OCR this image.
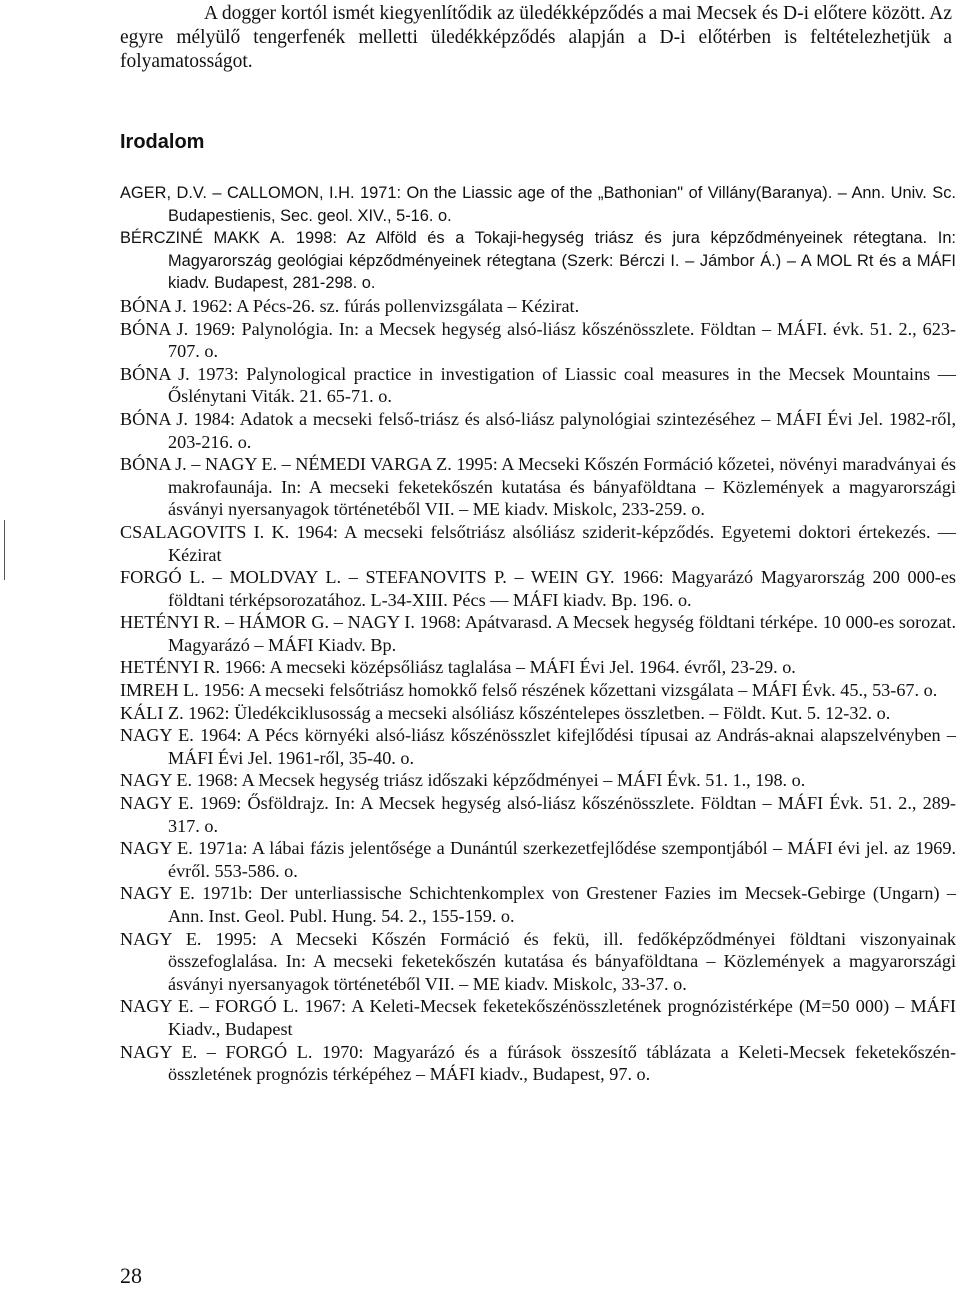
A dogger kortól ismét kiegyenlítődik az üledékképződés a mai Mecsek és D-i előtere között. Az egyre mélyülő tengerfenék melletti üledékképződés alapján a D-i előtérben is feltételezhetjük a folyamatosságot.
Irodalom
AGER, D.V. – CALLOMON, I.H. 1971: On the Liassic age of the „Bathonian" of Villány(Baranya). – Ann. Univ. Sc. Budapestienis, Sec. geol. XIV., 5-16. o.
BÉRCZINÉ MAKK A. 1998: Az Alföld és a Tokaji-hegység triász és jura képződményeinek rétegtana. In: Magyarország geológiai képződményeinek rétegtana (Szerk: Bérczi I. – Jámbor Á.) – A MOL Rt és a MÁFI kiadv. Budapest, 281-298. o.
BÓNA J. 1962: A Pécs-26. sz. fúrás pollenvizsgálata – Kézirat.
BÓNA J. 1969: Palynológia. In: a Mecsek hegység alsó-liász kőszénösszlete. Földtan – MÁFI. évk. 51. 2., 623-707. o.
BÓNA J. 1973: Palynological practice in investigation of Liassic coal measures in the Mecsek Mountains — Őslénytani Viták. 21. 65-71. o.
BÓNA J. 1984: Adatok a mecseki felső-triász és alsó-liász palynológiai szintezéséhez – MÁFI Évi Jel. 1982-ről, 203-216. o.
BÓNA J. – NAGY E. – NÉMEDI VARGA Z. 1995: A Mecseki Kőszén Formáció kőzetei, növényi maradványai és makrofaunája. In: A mecseki feketekőszén kutatása és bányaföldtana – Közlemények a magyarországi ásványi nyersanyagok történetéből VII. – ME kiadv. Miskolc, 233-259. o.
CSALAGOVITS I. K. 1964: A mecseki felsőtriász alsóliász sziderit-képződés. Egyetemi doktori értekezés. — Kézirat
FORGÓ L. – MOLDVAY L. – STEFANOVITS P. – WEIN GY. 1966: Magyarázó Magyarország 200 000-es földtani térképsorozatához. L-34-XIII. Pécs — MÁFI kiadv. Bp. 196. o.
HETÉNYI R. – HÁMOR G. – NAGY I. 1968: Apátvarasd. A Mecsek hegység földtani térképe. 10 000-es sorozat. Magyarázó – MÁFI Kiadv. Bp.
HETÉNYI R. 1966: A mecseki középsőliász taglalása – MÁFI Évi Jel. 1964. évről, 23-29. o.
IMREH L. 1956: A mecseki felsőtriász homokkő felső részének kőzettani vizsgálata – MÁFI Évk. 45., 53-67. o.
KÁLI Z. 1962: Üledékciklusosság a mecseki alsóliász kőszéntelepes összletben. – Földt. Kut. 5. 12-32. o.
NAGY E. 1964: A Pécs környéki alsó-liász kőszénösszlet kifejlődési típusai az András-aknai alapszelvényben – MÁFI Évi Jel. 1961-ről, 35-40. o.
NAGY E. 1968: A Mecsek hegység triász időszaki képződményei – MÁFI Évk. 51. 1., 198. o.
NAGY E. 1969: Ősföldrajz. In: A Mecsek hegység alsó-liász kőszénösszlete. Földtan – MÁFI Évk. 51. 2., 289-317. o.
NAGY E. 1971a: A lábai fázis jelentősége a Dunántúl szerkezetfejlődése szempontjából – MÁFI évi jel. az 1969. évről. 553-586. o.
NAGY E. 1971b: Der unterliassische Schichtenkomplex von Grestener Fazies im Mecsek-Gebirge (Ungarn) – Ann. Inst. Geol. Publ. Hung. 54. 2., 155-159. o.
NAGY E. 1995: A Mecseki Kőszén Formáció és fekü, ill. fedőképződményei földtani viszonyainak összefoglalása. In: A mecseki feketekőszén kutatása és bányaföldtana – Közlemények a magyarországi ásványi nyersanyagok történetéből VII. – ME kiadv. Miskolc, 33-37. o.
NAGY E. – FORGÓ L. 1967: A Keleti-Mecsek feketekőszénösszletének prognózistérképe (M=50 000) – MÁFI Kiadv., Budapest
NAGY E. – FORGÓ L. 1970: Magyarázó és a fúrások összesítő táblázata a Keleti-Mecsek feketekőszén-összletének prognózis térképéhez – MÁFI kiadv., Budapest, 97. o.
28
